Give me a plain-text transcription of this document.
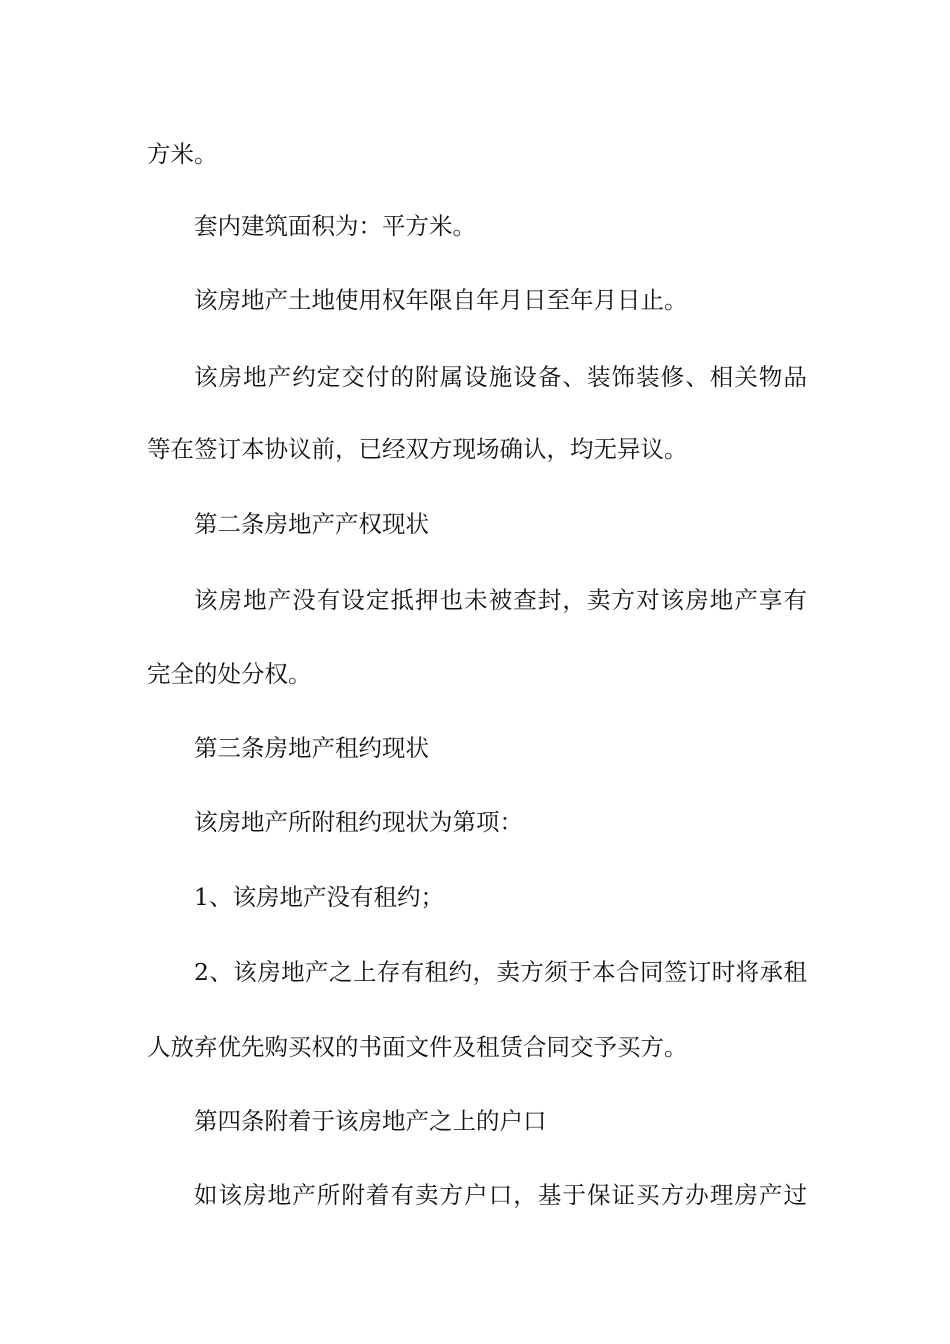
方米。
套内建筑面积为：平方米。
该房地产土地使用权年限自年月日至年月日止。
该房地产约定交付的附属设施设备、装饰装修、相关物品
等在签订本协议前，已经双方现场确认，均无异议。
第二条房地产产权现状
该房地产没有设定抵押也未被查封，卖方对该房地产享有
完全的处分权。
第三条房地产租约现状
该房地产所附租约现状为第项：
1、该房地产没有租约；
2、该房地产之上存有租约，卖方须于本合同签订时将承租
人放弃优先购买权的书面文件及租赁合同交予买方。
第四条附着于该房地产之上的户口
如该房地产所附着有卖方户口，基于保证买方办理房产过
